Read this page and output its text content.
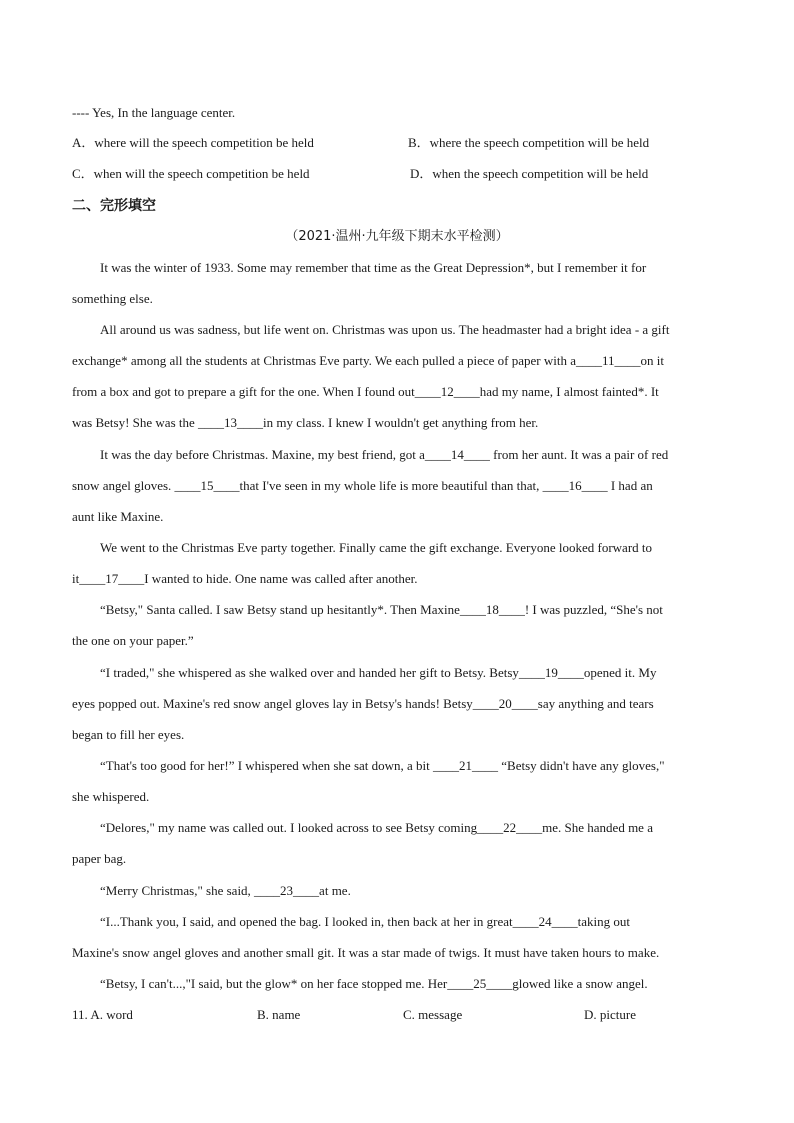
---- Yes, In the language center.
A．where will the speech competition be held	B．where the speech competition will be held
C．when will the speech competition be held	D．when the speech competition will be held
二、完形填空
（2021·温州·九年级下期末水平检测）
It was the winter of 1933. Some may remember that time as the Great Depression*, but I remember it for
something else.
All around us was sadness, but life went on. Christmas was upon us. The headmaster had a bright idea - a gift
exchange* among all the students at Christmas Eve party. We each pulled a piece of paper with a____11____on it
from a box and got to prepare a gift for the one. When I found out____12____had my name, I almost fainted*. It
was Betsy! She was the ____13____in my class. I knew I wouldn't get anything from her.
It was the day before Christmas. Maxine, my best friend, got a____14____ from her aunt. It was a pair of red
snow angel gloves. ____15____that I've seen in my whole life is more beautiful than that, ____16____ I had an
aunt like Maxine.
We went to the Christmas Eve party together. Finally came the gift exchange. Everyone looked forward to
it____17____I wanted to hide. One name was called after another.
“Betsy," Santa called. I saw Betsy stand up hesitantly*. Then Maxine____18____! I was puzzled, “She's not
the one on your paper.”
“I traded," she whispered as she walked over and handed her gift to Betsy. Betsy____19____opened it. My
eyes popped out. Maxine's red snow angel gloves lay in Betsy's hands! Betsy____20____say anything and tears
began to fill her eyes.
“That's too good for her!” I whispered when she sat down, a bit ____21____ “Betsy didn't have any gloves,"
she whispered.
“Delores," my name was called out. I looked across to see Betsy coming____22____me. She handed me a
paper bag.
“Merry Christmas," she said, ____23____at me.
“I...Thank you, I said, and opened the bag. I looked in, then back at her in great____24____taking out
Maxine's snow angel gloves and another small git. It was a star made of twigs. It must have taken hours to make.
“Betsy, I can't...,"I said, but the glow* on her face stopped me. Her____25____glowed like a snow angel.
11. A. word	B. name	C. message	D. picture
